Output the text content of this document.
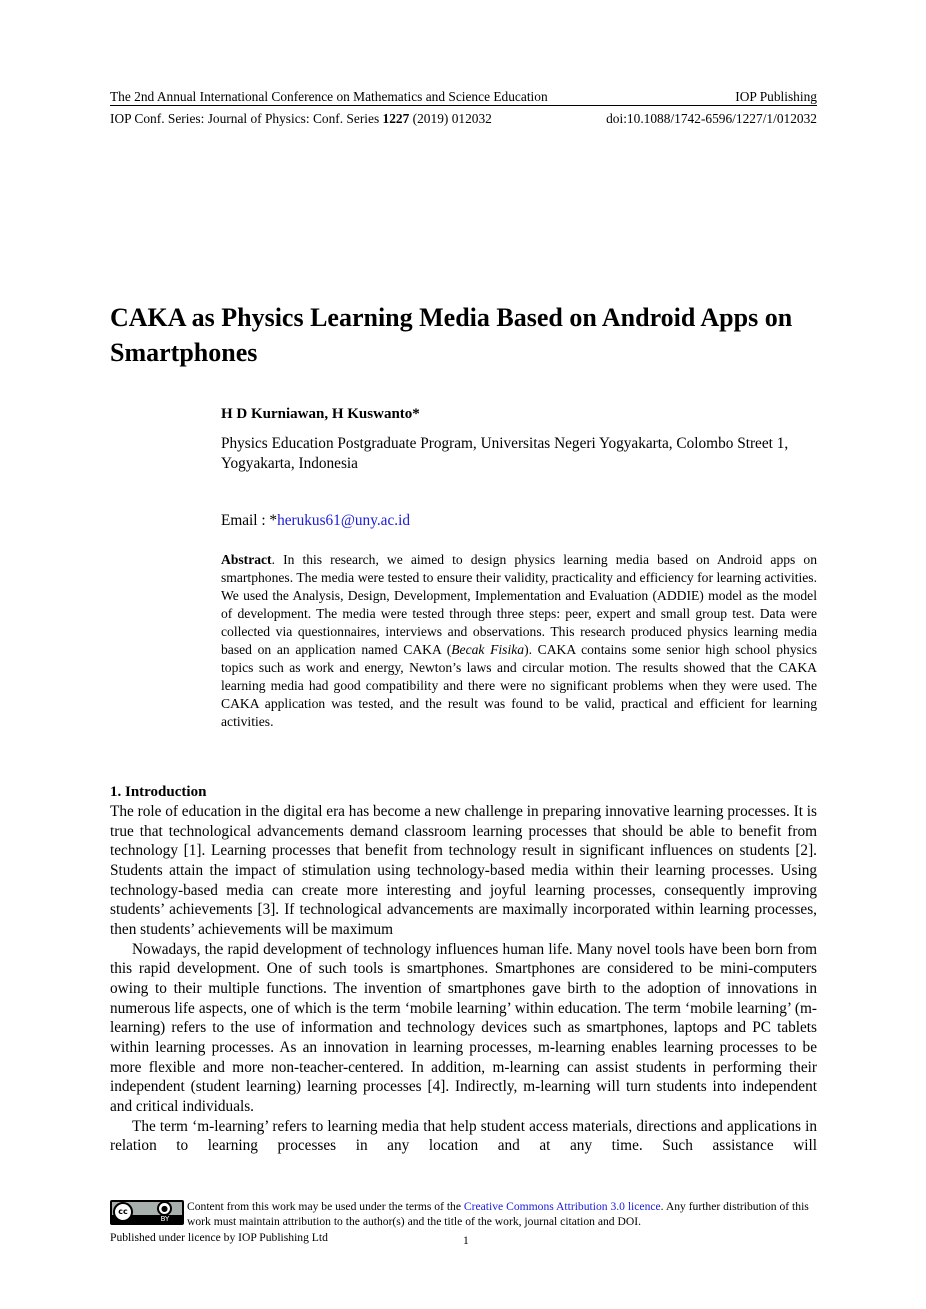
The 2nd Annual International Conference on Mathematics and Science Education	IOP Publishing
IOP Conf. Series: Journal of Physics: Conf. Series 1227 (2019) 012032	doi:10.1088/1742-6596/1227/1/012032
CAKA as Physics Learning Media Based on Android Apps on Smartphones
H D Kurniawan, H Kuswanto*
Physics Education Postgraduate Program, Universitas Negeri Yogyakarta, Colombo Street 1, Yogyakarta, Indonesia
Email : *herukus61@uny.ac.id
Abstract. In this research, we aimed to design physics learning media based on Android apps on smartphones. The media were tested to ensure their validity, practicality and efficiency for learning activities. We used the Analysis, Design, Development, Implementation and Evaluation (ADDIE) model as the model of development. The media were tested through three steps: peer, expert and small group test. Data were collected via questionnaires, interviews and observations. This research produced physics learning media based on an application named CAKA (Becak Fisika). CAKA contains some senior high school physics topics such as work and energy, Newton’s laws and circular motion. The results showed that the CAKA learning media had good compatibility and there were no significant problems when they were used. The CAKA application was tested, and the result was found to be valid, practical and efficient for learning activities.
1. Introduction

The role of education in the digital era has become a new challenge in preparing innovative learning processes. It is true that technological advancements demand classroom learning processes that should be able to benefit from technology [1]. Learning processes that benefit from technology result in significant influences on students [2]. Students attain the impact of stimulation using technology-based media within their learning processes. Using technology-based media can create more interesting and joyful learning processes, consequently improving students’ achievements [3]. If technological advancements are maximally incorporated within learning processes, then students’ achievements will be maximum

Nowadays, the rapid development of technology influences human life. Many novel tools have been born from this rapid development. One of such tools is smartphones. Smartphones are considered to be mini-computers owing to their multiple functions. The invention of smartphones gave birth to the adoption of innovations in numerous life aspects, one of which is the term ‘mobile learning’ within education. The term ‘mobile learning’ (m-learning) refers to the use of information and technology devices such as smartphones, laptops and PC tablets within learning processes. As an innovation in learning processes, m-learning enables learning processes to be more flexible and more non-teacher-centered. In addition, m-learning can assist students in performing their independent (student learning) learning processes [4]. Indirectly, m-learning will turn students into independent and critical individuals.

The term ‘m-learning’ refers to learning media that help student access materials, directions and applications in relation to learning processes in any location and at any time. Such assistance will

cc	●
BY
Content from this work may be used under the terms of the Creative Commons Attribution 3.0 licence. Any further distribution of this work must maintain attribution to the author(s) and the title of the work, journal citation and DOI.
Published under licence by IOP Publishing Ltd	1
